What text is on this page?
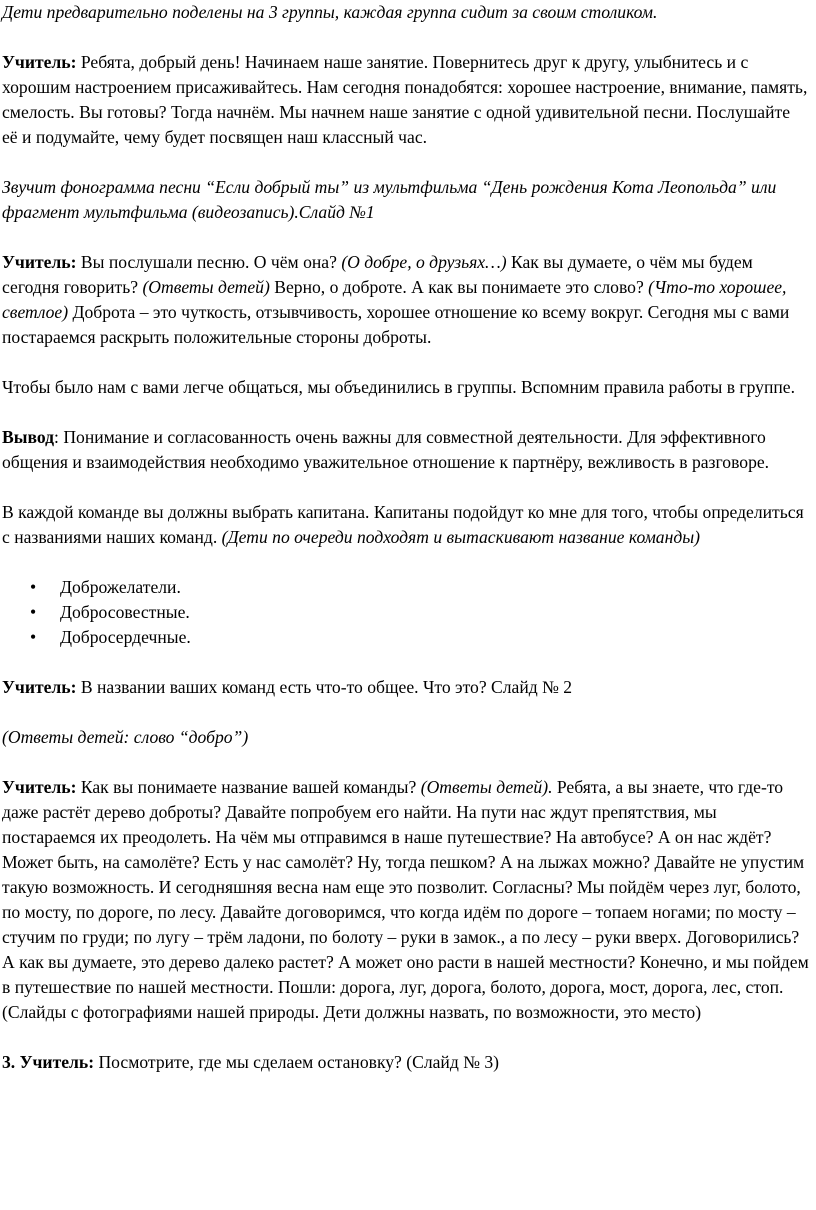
Дети предварительно поделены на 3 группы, каждая группа сидит за своим столиком.

Учитель: Ребята, добрый день! Начинаем наше занятие. Повернитесь друг к другу, улыбнитесь и с хорошим настроением присаживайтесь. Нам сегодня понадобятся: хорошее настроение, внимание, память, смелость. Вы готовы? Тогда начнём. Мы начнем наше занятие с одной удивительной песни. Послушайте её и подумайте, чему будет посвящен наш классный час.

Звучит фонограмма песни “Если добрый ты” из мультфильма “День рождения Кота Леопольда” или фрагмент мультфильма (видеозапись).Слайд №1

Учитель: Вы послушали песню. О чём она? (О добре, о друзьях…) Как вы думаете, о чём мы будем сегодня говорить? (Ответы детей) Верно, о доброте. А как вы понимаете это слово? (Что-то хорошее, светлое) Доброта – это чуткость, отзывчивость, хорошее отношение ко всему вокруг. Сегодня мы с вами постараемся раскрыть положительные стороны доброты.

Чтобы было нам с вами легче общаться, мы объединились в группы. Вспомним правила работы в группе.

Вывод: Понимание и согласованность очень важны для совместной деятельности. Для эффективного общения и взаимодействия необходимо уважительное отношение к партнёру, вежливость в разговоре.

В каждой команде вы должны выбрать капитана. Капитаны подойдут ко мне для того, чтобы определиться с названиями наших команд. (Дети по очереди подходят и вытаскивают название команды)

• Доброжелатели.
• Добросовестные.
• Добросердечные.

Учитель: В названии ваших команд есть что-то общее. Что это? Слайд № 2

(Ответы детей: слово “добро”)

Учитель: Как вы понимаете название вашей команды? (Ответы детей). Ребята, а вы знаете, что где-то даже растёт дерево доброты? Давайте попробуем его найти. На пути нас ждут препятствия, мы постараемся их преодолеть. На чём мы отправимся в наше путешествие? На автобусе? А он нас ждёт? Может быть, на самолёте? Есть у нас самолёт? Ну, тогда пешком? А на лыжах можно? Давайте не упустим такую возможность. И сегодняшняя весна нам еще это позволит. Согласны? Мы пойдём через луг, болото, по мосту, по дороге, по лесу. Давайте договоримся, что когда идём по дороге – топаем ногами; по мосту – стучим по груди; по лугу – трём ладони, по болоту – руки в замок., а по лесу – руки вверх. Договорились? А как вы думаете, это дерево далеко растет? А может оно расти в нашей местности? Конечно, и мы пойдем в путешествие по нашей местности. Пошли: дорога, луг, дорога, болото, дорога, мост, дорога, лес, стоп. (Слайды с фотографиями нашей природы. Дети должны назвать, по возможности, это место)

3. Учитель: Посмотрите, где мы сделаем остановку? (Слайд № 3)
